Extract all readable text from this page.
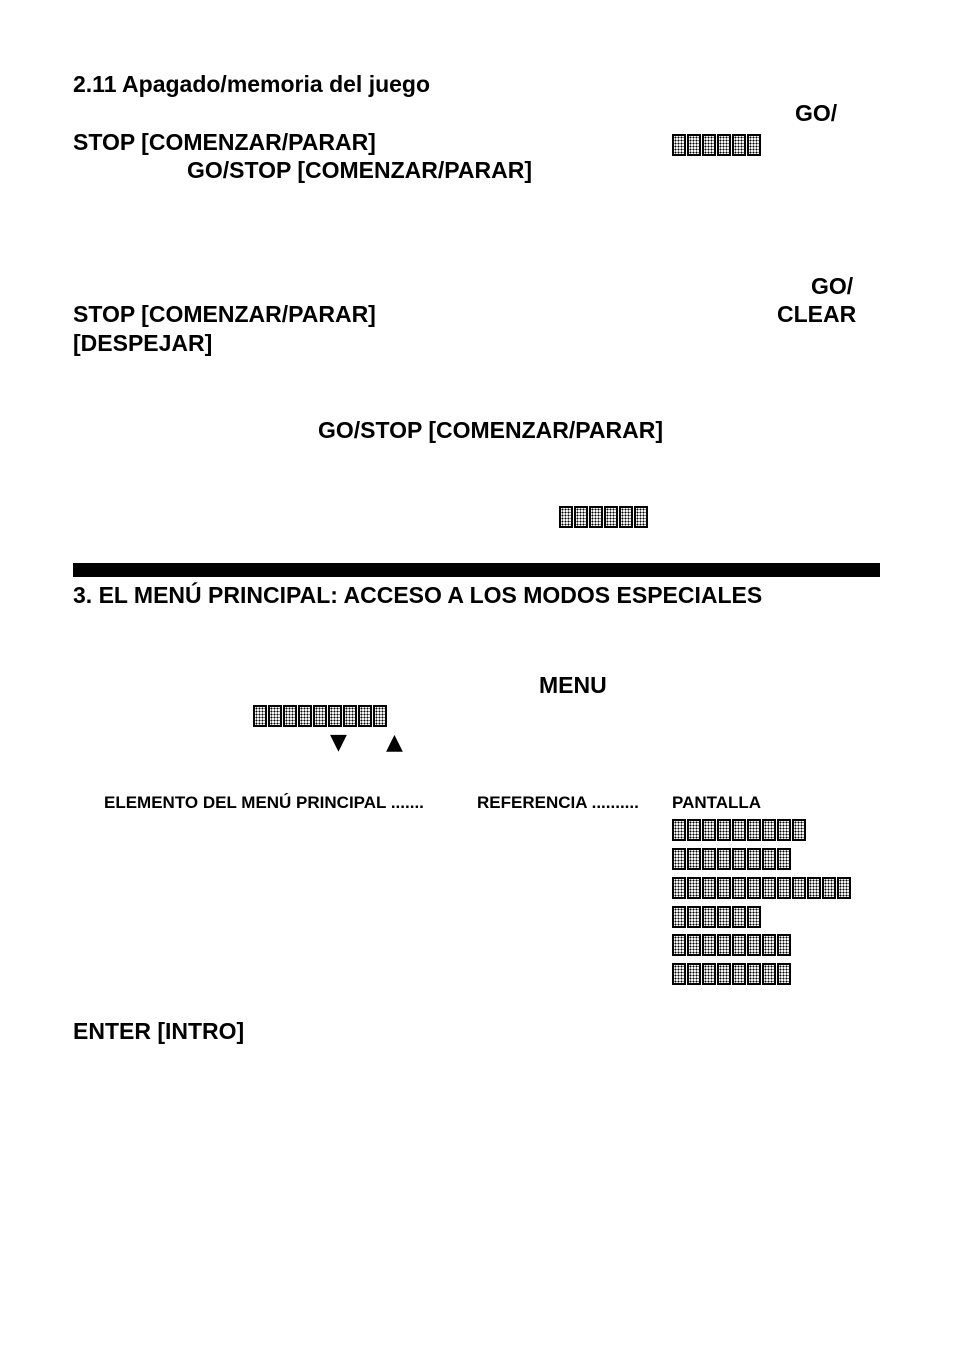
2.11 Apagado/memoria del juego
GO/
STOP [COMENZAR/PARAR]
GO/STOP [COMENZAR/PARAR]
GO/
STOP [COMENZAR/PARAR]	CLEAR
[DESPEJAR]
GO/STOP [COMENZAR/PARAR]
3. EL MENÚ PRINCIPAL: ACCESO A LOS MODOS ESPECIALES
MENU
▼ ▲
ELEMENTO DEL MENÚ PRINCIPAL .......	REFERENCIA .......... PANTALLA
ENTER [INTRO]
